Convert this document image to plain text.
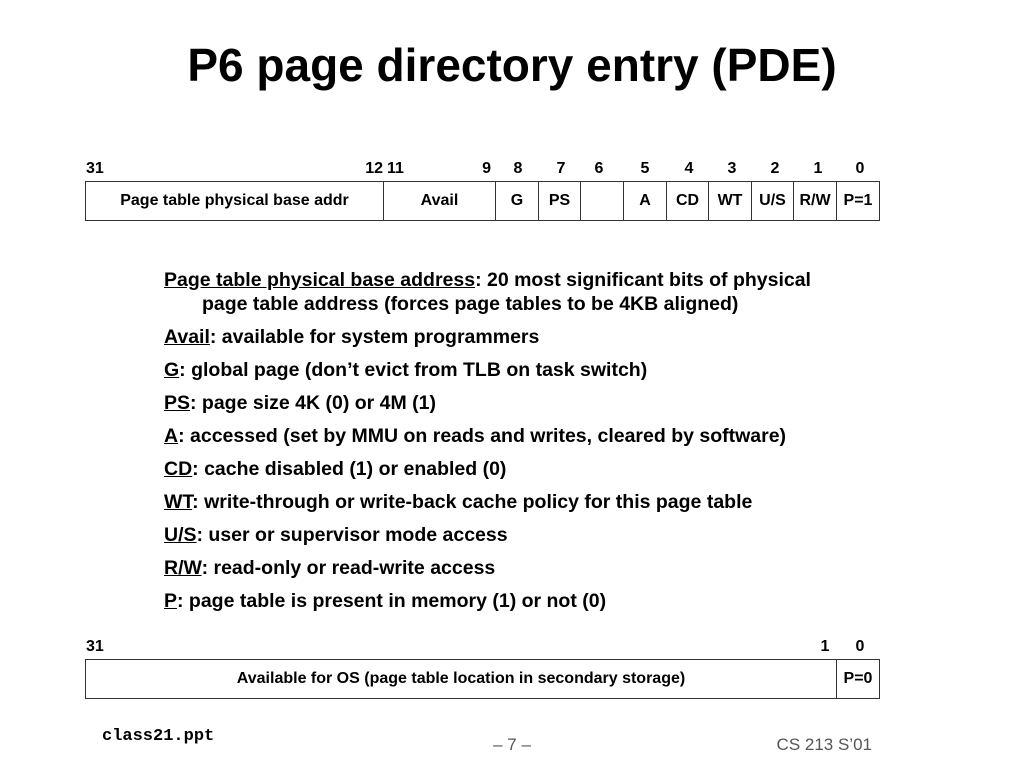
P6 page directory entry (PDE)
31	12 11	9 8 7 6 5 4 3 2 1 0
Page table physical base addr	Avail	G	PS		A	CD	WT	U/S	R/W	P=1
Page table physical base address: 20 most significant bits of physical
page table address (forces page tables to be 4KB aligned)
Avail: available for system programmers
G: global page (don’t evict from TLB on task switch)
PS: page size 4K (0) or 4M (1)
A: accessed (set by MMU on reads and writes, cleared by software)
CD: cache disabled (1) or enabled (0)
WT: write-through or write-back cache policy for this page table
U/S: user or supervisor mode access
R/W: read-only or read-write access
P: page table is present in memory (1) or not (0)
31	1 0
Available for OS (page table location in secondary storage)	P=0
class21.ppt	– 7 –	CS 213 S’01
